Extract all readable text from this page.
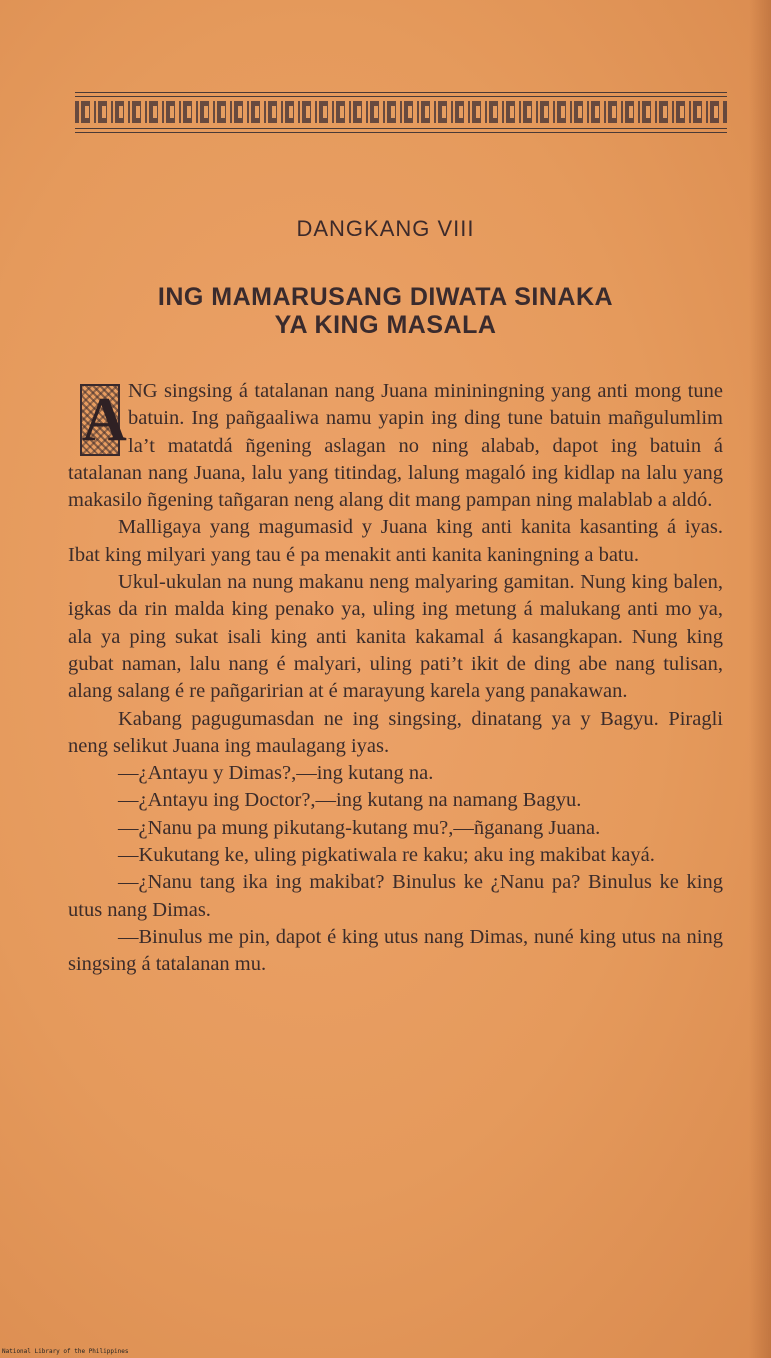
DANGKANG VIII
ING MAMARUSANG DIWATA SINAKA
YA KING MASALA

A NG singsing á tatalanan nang Juana mininingning yang anti mong tune batuin. Ing pañgaaliwa namu yapin ing ding tune batuin mañgulumlim la’t matatdá ñgening aslagan no ning alabab, dapot ing batuin á tatalanan nang Juana, lalu yang titindag, lalung magaló ing kidlap na lalu yang makasilo ñgening tañgaran neng alang dit mang pampan ning malablab a aldó.

Malligaya yang magumasid y Juana king anti kanita kasanting á iyas. Ibat king milyari yang tau é pa menakit anti kanita kaningning a batu.

Ukul-ukulan na nung makanu neng malyaring gamitan. Nung king balen, igkas da rin malda king penako ya, uling ing metung á malukang anti mo ya, ala ya ping sukat isali king anti kanita kakamal á kasangkapan. Nung king gubat naman, lalu nang é malyari, uling pati’t ikit de ding abe nang tulisan, alang salang é re pañgaririan at é marayung karela yang panakawan.

Kabang pagugumasdan ne ing singsing, dinatang ya y Bagyu. Piragli neng selikut Juana ing maulagang iyas.

—¿Antayu y Dimas?,—ing kutang na.

—¿Antayu ing Doctor?,—ing kutang na namang Bagyu.

—¿Nanu pa mung pikutang-kutang mu?,—ñganang Juana.

—Kukutang ke, uling pigkatiwala re kaku; aku ing makibat kayá.

—¿Nanu tang ika ing makibat? Binulus ke ¿Nanu pa? Binulus ke king utus nang Dimas.

—Binulus me pin, dapot é king utus nang Dimas, nuné king utus na ning singsing á tatalanan mu.

National Library of the Philippines
